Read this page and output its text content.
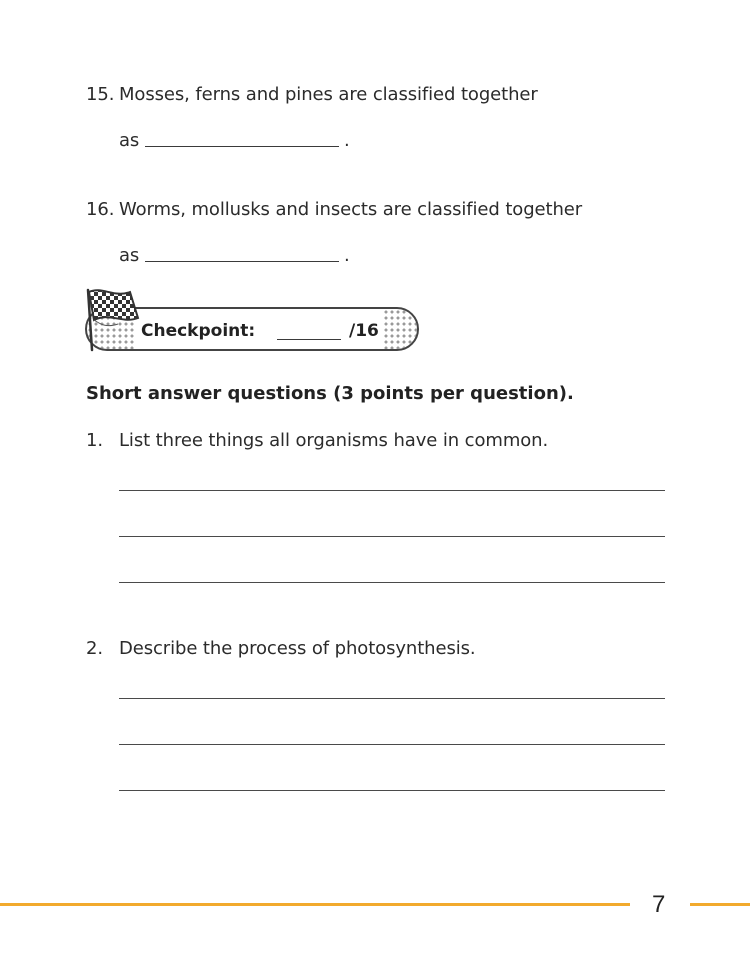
15. Mosses, ferns and pines are classified together
as	.
16. Worms, mollusks and insects are classified together
as	.
Checkpoint:	/16
Short answer questions (3 points per question).
1. List three things all organisms have in common.
2. Describe the process of photosynthesis.
7
